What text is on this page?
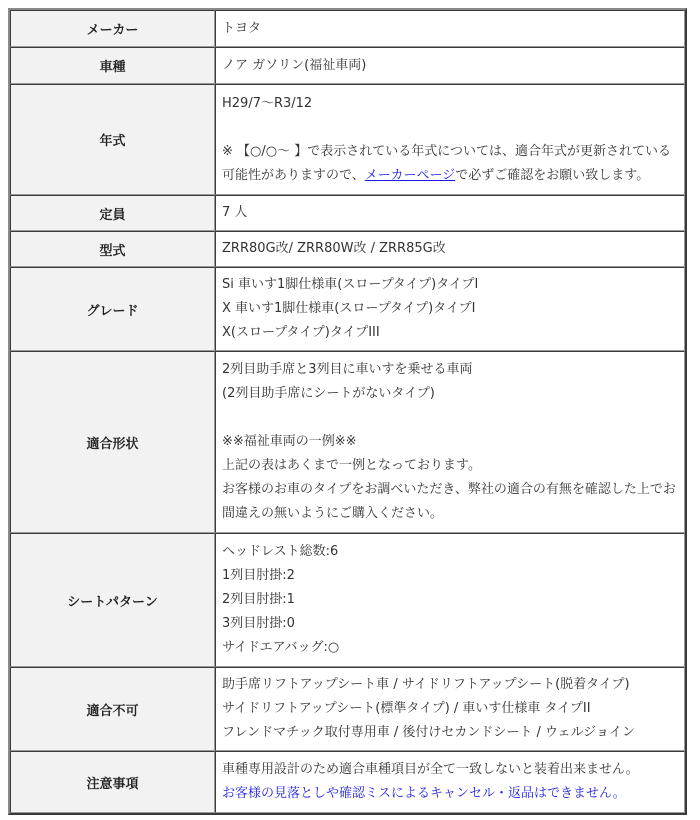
メーカー	トヨタ
車種	ノア ガソリン(福祉車両)
年式	H29/7～R3/12
※ 【○/○～ 】で表示されている年式については、適合年式が更新されている
可能性がありますので、メーカーページで必ずご確認をお願い致します。

定員	7 人
型式	ZRR80G改/ ZRR80W改 / ZRR85G改
グレード	Si 車いす1脚仕様車(スロープタイプ)タイプI
X 車いす1脚仕様車(スロープタイプ)タイプI
X(スロープタイプ)タイプIII

適合形状	
2列目助手席と3列目に車いすを乗せる車両
(2列目助手席にシートがないタイプ)
※※福祉車両の一例※※
上記の表はあくまで一例となっております。
お客様のお車のタイプをお調べいただき、弊社の適合の有無を確認した上でお
間違えの無いようにご購入ください。

シートパターン	ヘッドレスト総数:6
1列目肘掛:2
2列目肘掛:1
3列目肘掛:0
サイドエアバッグ:○

適合不可	助手席リフトアップシート車 / サイドリフトアップシート(脱着タイプ)
サイドリフトアップシート(標準タイプ) / 車いす仕様車 タイプII
フレンドマチック取付専用車 / 後付けセカンドシート / ウェルジョイン

注意事項	車種専用設計のため適合車種項目が全て一致しないと装着出来ません。
お客様の見落としや確認ミスによるキャンセル・返品はできません。
